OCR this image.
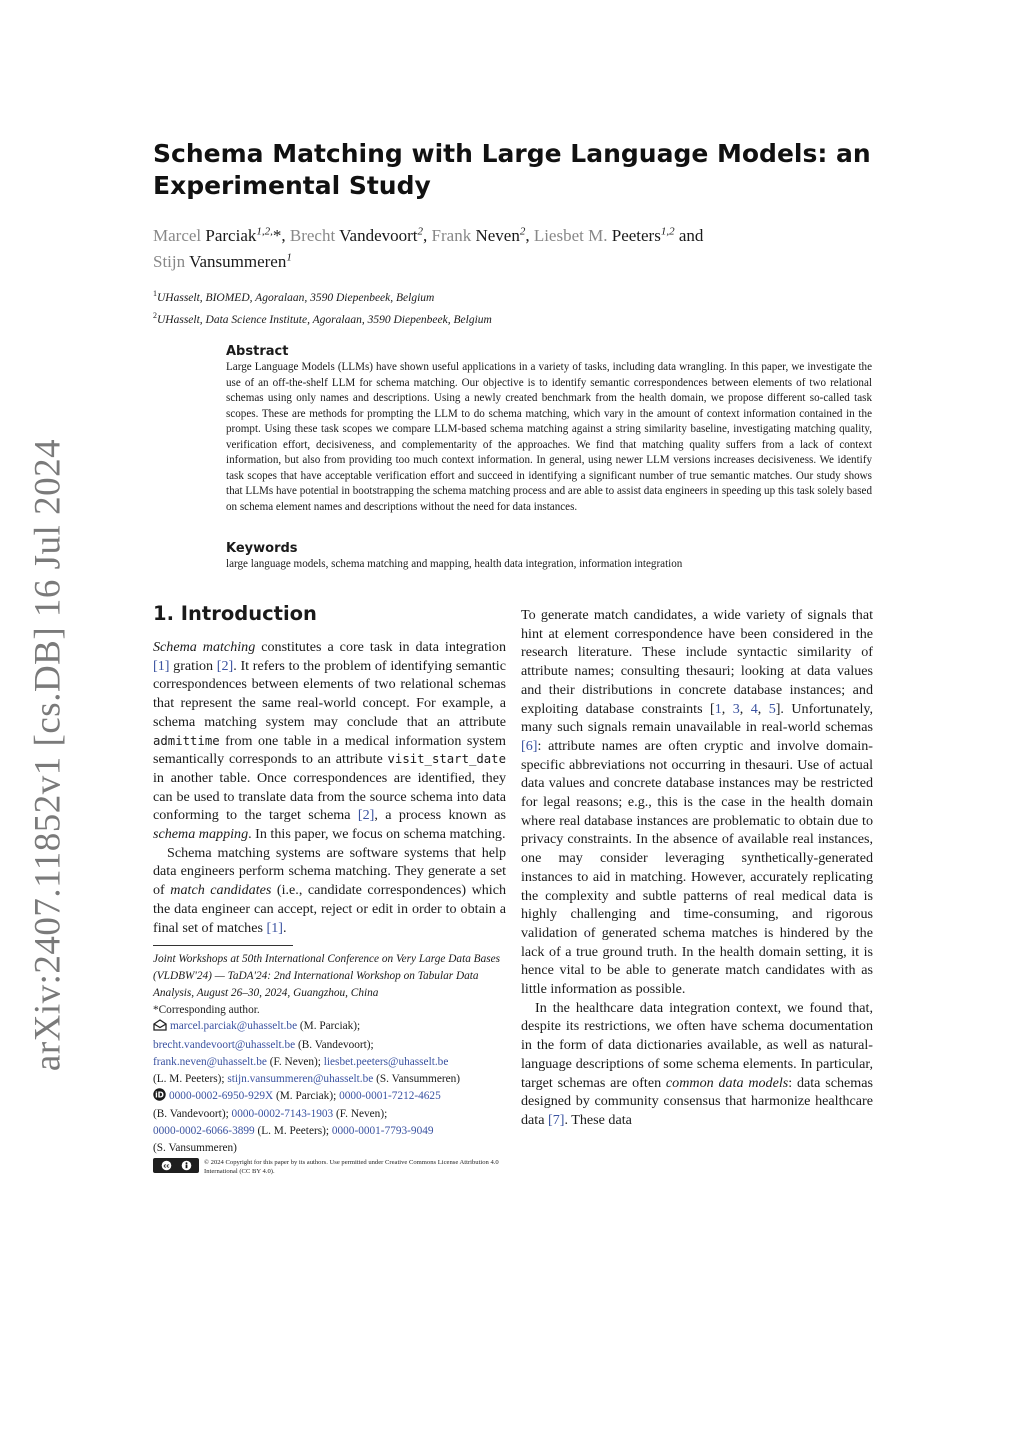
arXiv:2407.11852v1 [cs.DB] 16 Jul 2024
Schema Matching with Large Language Models: an
Experimental Study
Marcel Parciak$^{1,2,}$*, Brecht Vandevoort$^2$, Frank Neven$^2$, Liesbet M. Peeters$^{1,2}$ and
Stijn Vansummeren$^1$
$^1$UHasselt, BIOMED, Agoralaan, 3590 Diepenbeek, Belgium
$^2$UHasselt, Data Science Institute, Agoralaan, 3590 Diepenbeek, Belgium
Abstract

Large Language Models (LLMs) have shown useful applications in a variety of tasks, including data wrangling. In this paper, we investigate the use of an off-the-shelf LLM for schema matching. Our objective is to identify semantic correspondences between elements of two relational schemas using only names and descriptions. Using a newly created benchmark from the health domain, we propose different so-called task scopes. These are methods for prompting the LLM to do schema matching, which vary in the amount of context information contained in the prompt. Using these task scopes we compare LLM-based schema matching against a string similarity baseline, investigating matching quality, verification effort, decisiveness, and complementarity of the approaches. We find that matching quality suffers from a lack of context information, but also from providing too much context information. In general, using newer LLM versions increases decisiveness. We identify task scopes that have acceptable verification effort and succeed in identifying a significant number of true semantic matches. Our study shows that LLMs have potential in bootstrapping the schema matching process and are able to assist data engineers in speeding up this task solely based on schema element names and descriptions without the need for data instances.

Keywords

large language models, schema matching and mapping, health data integration, information integration

1. Introduction

Schema matching constitutes a core task in data integration [1] gration [2]. It refers to the problem of identifying semantic correspondences between elements of two relational schemas that represent the same real-world concept. For example, a schema matching system may conclude that an attribute admittime from one table in a medical information system semantically corresponds to an attribute visit_start_date in another table. Once correspondences are identified, they can be used to translate data from the source schema into data conforming to the target schema [2], a process known as schema mapping. In this paper, we focus on schema matching.

Schema matching systems are software systems that help data engineers perform schema matching. They generate a set of match candidates (i.e., candidate correspondences) which the data engineer can accept, reject or edit in order to obtain a final set of matches [1].

Joint Workshops at 50th International Conference on Very Large Data Bases (VLDBW'24) — TaDA'24: 2nd International Workshop on Tabular Data Analysis, August 26–30, 2024, Guangzhou, China

*Corresponding author.

marcel.parciak@uhasselt.be (M. Parciak);
brecht.vandevoort@uhasselt.be (B. Vandevoort);
frank.neven@uhasselt.be (F. Neven); liesbet.peeters@uhasselt.be
(L. M. Peeters); stijn.vansummeren@uhasselt.be (S. Vansummeren)

iD 0000-0002-6950-929X (M. Parciak); 0000-0001-7212-4625
(B. Vandevoort); 0000-0002-7143-1903 (F. Neven);
0000-0002-6066-3899 (L. M. Peeters); 0000-0001-7793-9049
(S. Vansummeren)

cc
© 2024 Copyright for this paper by its authors. Use permitted under Creative Commons License Attribution 4.0 International (CC BY 4.0).

To generate match candidates, a wide variety of signals that hint at element correspondence have been considered in the research literature. These include syntactic similarity of attribute names; consulting thesauri; looking at data values and their distributions in concrete database instances; and exploiting database constraints [1, 3, 4, 5]. Unfortunately, many such signals remain unavailable in real-world schemas [6]: attribute names are often cryptic and involve domain-specific abbreviations not occurring in thesauri. Use of actual data values and concrete database instances may be restricted for legal reasons; e.g., this is the case in the health domain where real database instances are problematic to obtain due to privacy constraints. In the absence of available real instances, one may consider leveraging synthetically-generated instances to aid in matching. However, accurately replicating the complexity and subtle patterns of real medical data is highly challenging and time-consuming, and rigorous validation of generated schema matches is hindered by the lack of a true ground truth. In the health domain setting, it is hence vital to be able to generate match candidates with as little information as possible.

In the healthcare data integration context, we found that, despite its restrictions, we often have schema documentation in the form of data dictionaries available, as well as natural-language descriptions of some schema elements. In particular, target schemas are often common data models: data schemas designed by community consensus that harmonize healthcare data [7]. These data
